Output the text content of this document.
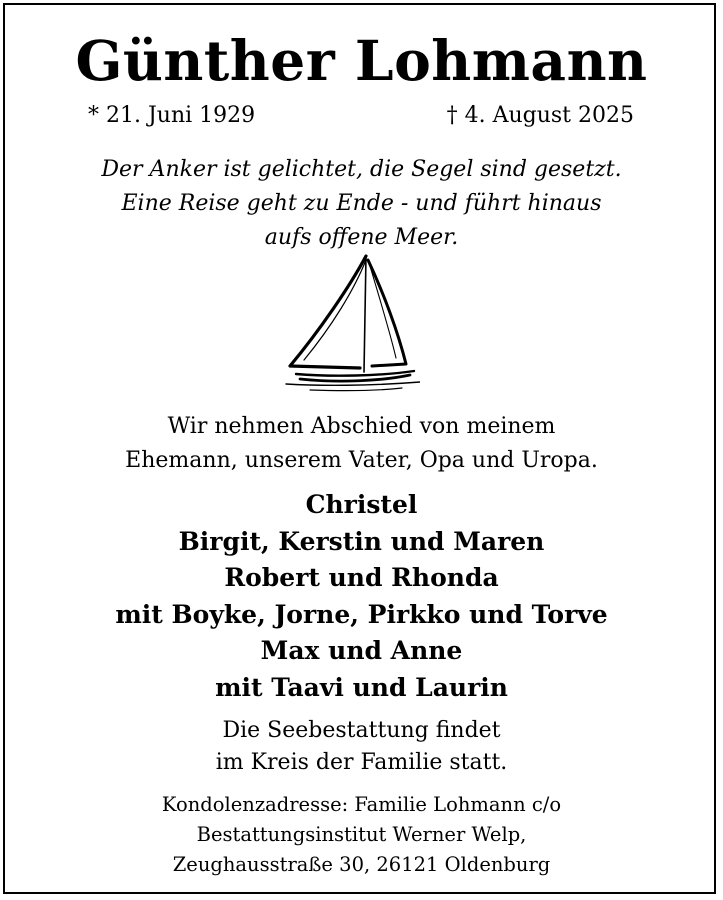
Günther Lohmann
* 21. Juni 1929	† 4. August 2025
Der Anker ist gelichtet, die Segel sind gesetzt.
Eine Reise geht zu Ende - und führt hinaus
aufs offene Meer.
Wir nehmen Abschied von meinem
Ehemann, unserem Vater, Opa und Uropa.
Christel
Birgit, Kerstin und Maren
Robert und Rhonda
mit Boyke, Jorne, Pirkko und Torve
Max und Anne
mit Taavi und Laurin
Die Seebestattung findet
im Kreis der Familie statt.
Kondolenzadresse: Familie Lohmann c/o
Bestattungsinstitut Werner Welp,
Zeughausstraße 30, 26121 Oldenburg
